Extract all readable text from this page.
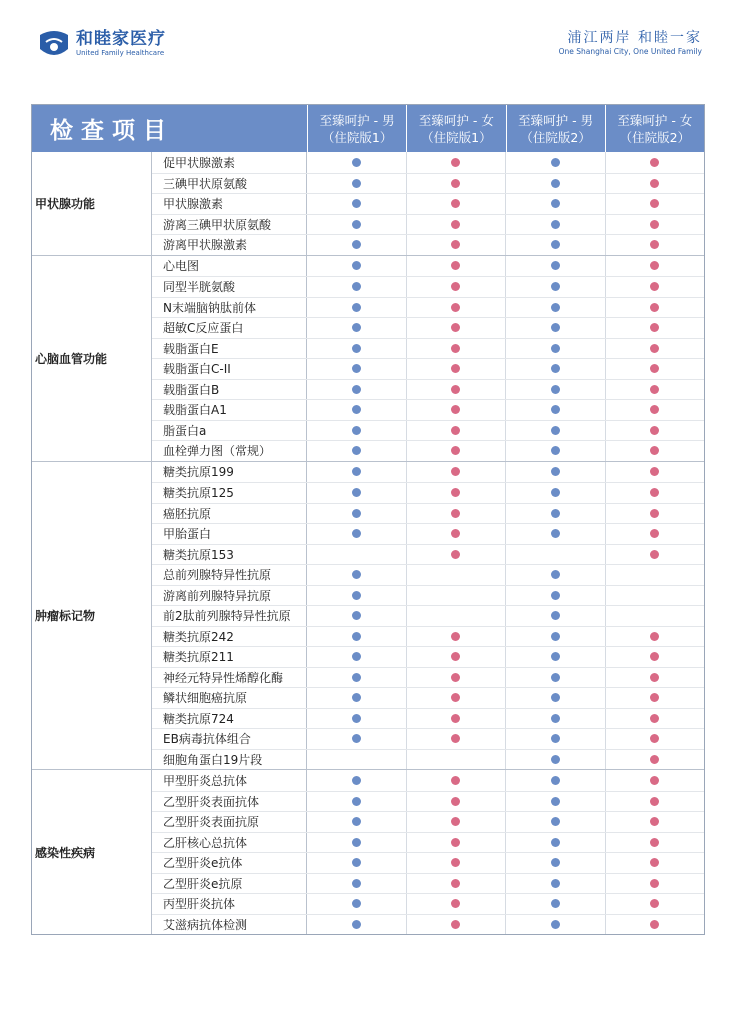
和睦家医疗
United Family Healthcare
浦江两岸 和睦一家
One Shanghai City, One United Family
检查项目	至臻呵护 - 男
（住院版1）
至臻呵护 - 女
（住院版1）
至臻呵护 - 男
（住院版2）
至臻呵护 - 女
（住院版2）
甲状腺功能
促甲状腺激素
三碘甲状原氨酸
甲状腺激素
游离三碘甲状原氨酸
游离甲状腺激素
心脑血管功能
心电图
同型半胱氨酸
N末端脑钠肽前体
超敏C反应蛋白
载脂蛋白E
载脂蛋白C-II
载脂蛋白B
载脂蛋白A1
脂蛋白a
血栓弹力图（常规）
肿瘤标记物
糖类抗原199
糖类抗原125
癌胚抗原
甲胎蛋白
糖类抗原153
总前列腺特异性抗原
游离前列腺特异抗原
前2肽前列腺特异性抗原
糖类抗原242
糖类抗原211
神经元特异性烯醇化酶
鳞状细胞癌抗原
糖类抗原724
EB病毒抗体组合
细胞角蛋白19片段
感染性疾病
甲型肝炎总抗体
乙型肝炎表面抗体
乙型肝炎表面抗原
乙肝核心总抗体
乙型肝炎e抗体
乙型肝炎e抗原
丙型肝炎抗体
艾滋病抗体检测
